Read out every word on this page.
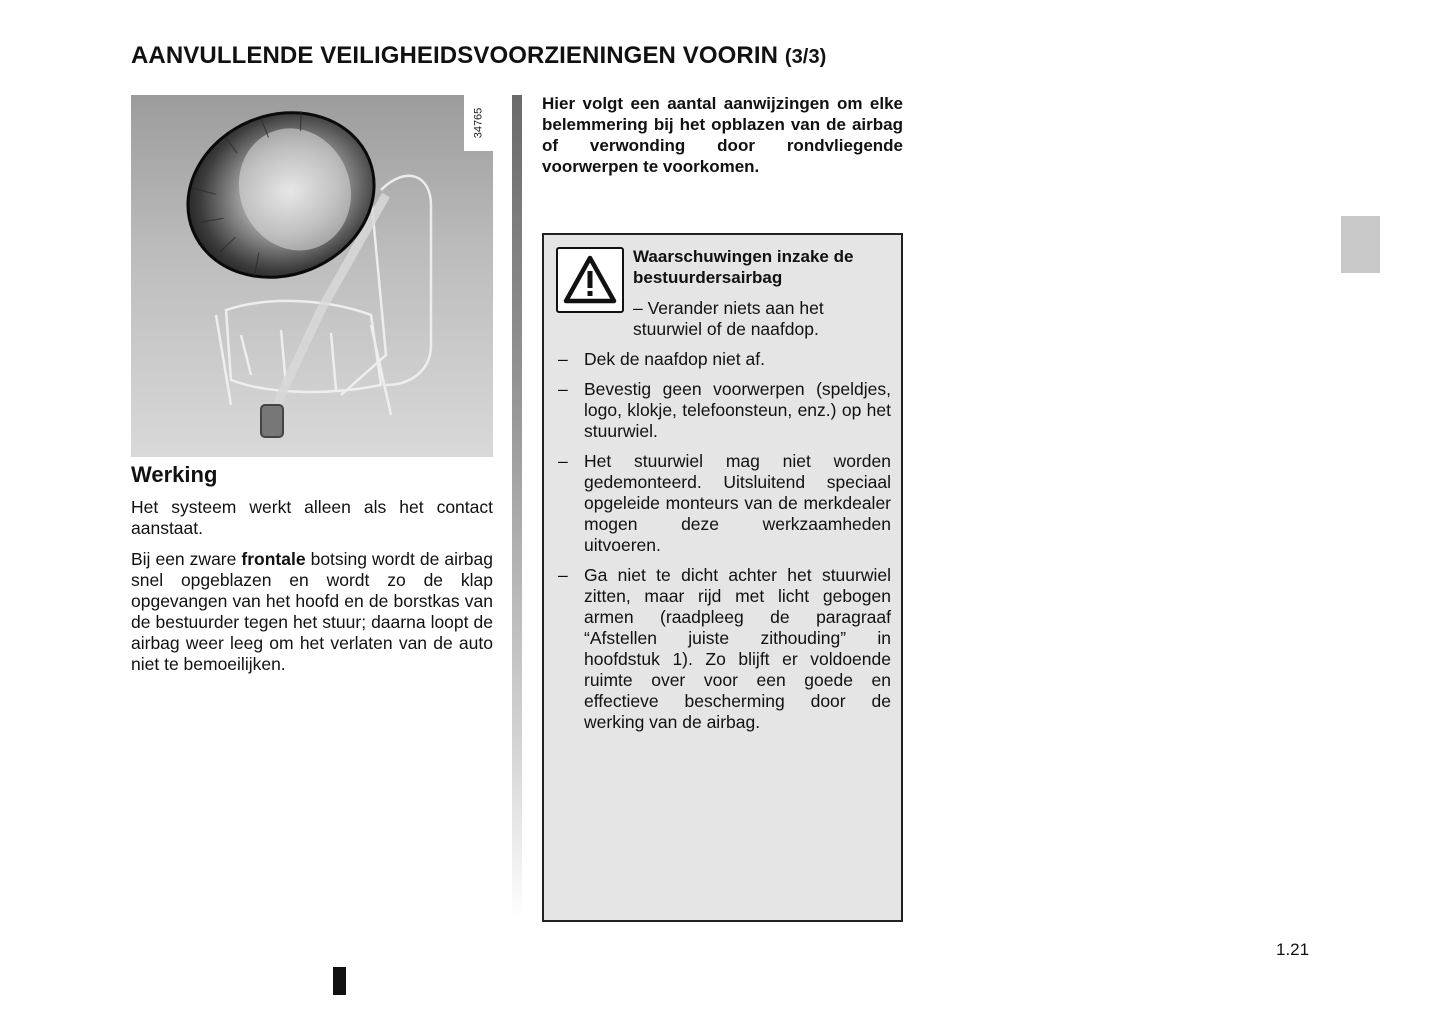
AANVULLENDE VEILIGHEIDSVOORZIENINGEN VOORIN (3/3)
34765
Werking

Het systeem werkt alleen als het contact aanstaat.

Bij een zware frontale botsing wordt de airbag snel opgeblazen en wordt zo de klap opgevangen van het hoofd en de borstkas van de bestuurder tegen het stuur; daarna loopt de airbag weer leeg om het verlaten van de auto niet te bemoeilijken.

Hier volgt een aantal aanwijzingen om elke belemmering bij het opblazen van de airbag of verwonding door rondvliegende voorwerpen te voorkomen.
Waarschuwingen inzake de bestuurdersairbag
– Verander niets aan het stuurwiel of de naafdop.
– Dek de naafdop niet af.
– Bevestig geen voorwerpen (speldjes, logo, klokje, telefoonsteun, enz.) op het stuurwiel.
– Het stuurwiel mag niet worden gedemonteerd. Uitsluitend speciaal opgeleide monteurs van de merkdealer mogen deze werkzaamheden uitvoeren.
– Ga niet te dicht achter het stuurwiel zitten, maar rijd met licht gebogen armen (raadpleeg de paragraaf “Afstellen juiste zithouding” in hoofdstuk 1). Zo blijft er voldoende ruimte over voor een goede en effectieve bescherming door de werking van de airbag.
1.21
